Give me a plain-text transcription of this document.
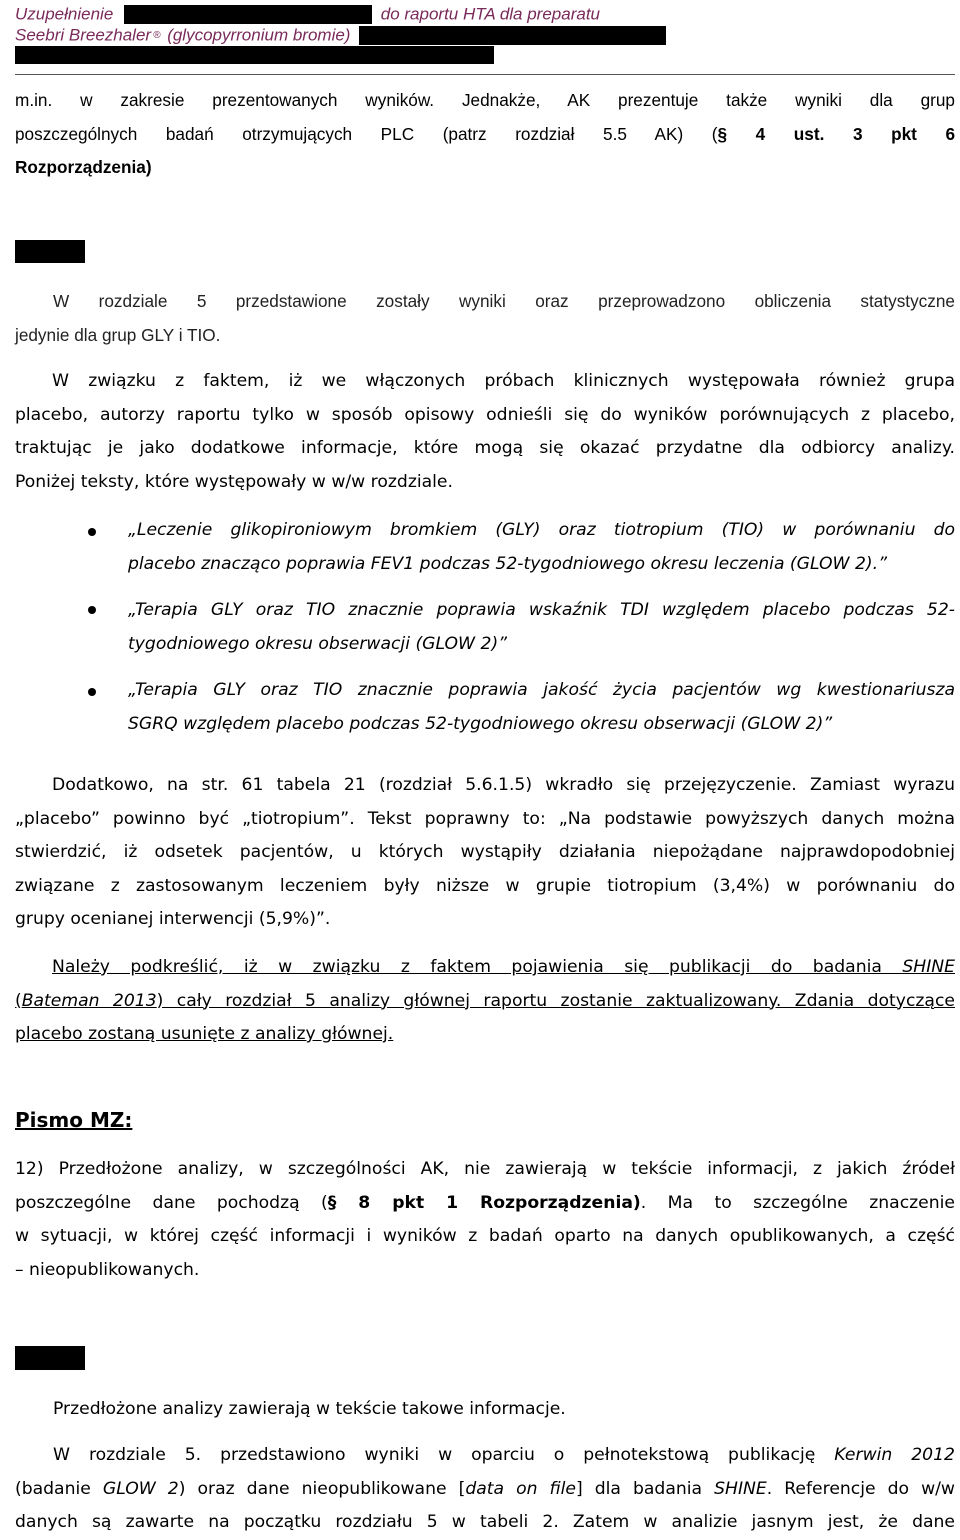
Uzupełnienie	do raportu HTA dla preparatu
Seebri Breezhaler ® (glycopyrronium bromie)
m.in. w zakresie prezentowanych wyników. Jednakże, AK prezentuje także wyniki dla grup
poszczególnych badań otrzymujących PLC (patrz rozdział 5.5 AK) (§ 4 ust. 3 pkt 6
Rozporządzenia)
W rozdziale 5 przedstawione zostały wyniki oraz przeprowadzono obliczenia statystyczne
jedynie dla grup GLY i TIO.
W związku z faktem, iż we włączonych próbach klinicznych występowała również grupa
placebo, autorzy raportu tylko w sposób opisowy odnieśli się do wyników porównujących z placebo,
traktując je jako dodatkowe informacje, które mogą się okazać przydatne dla odbiorcy analizy.
Poniżej teksty, które występowały w w/w rozdziale.
„Leczenie glikopironiowym bromkiem (GLY) oraz tiotropium (TIO) w porównaniu do
placebo znacząco poprawia FEV1 podczas 52-tygodniowego okresu leczenia (GLOW 2).”
„Terapia GLY oraz TIO znacznie poprawia wskaźnik TDI względem placebo podczas 52-
tygodniowego okresu obserwacji (GLOW 2)”
„Terapia GLY oraz TIO znacznie poprawia jakość życia pacjentów wg kwestionariusza
SGRQ względem placebo podczas 52-tygodniowego okresu obserwacji (GLOW 2)”
Dodatkowo, na str. 61 tabela 21 (rozdział 5.6.1.5) wkradło się przejęzyczenie. Zamiast wyrazu
„placebo” powinno być „tiotropium”. Tekst poprawny to: „Na podstawie powyższych danych można
stwierdzić, iż odsetek pacjentów, u których wystąpiły działania niepożądane najprawdopodobniej
związane z zastosowanym leczeniem były niższe w grupie tiotropium (3,4%) w porównaniu do
grupy ocenianej interwencji (5,9%)”.
Należy podkreślić, iż w związku z faktem pojawienia się publikacji do badania SHINE
(Bateman 2013) cały rozdział 5 analizy głównej raportu zostanie zaktualizowany. Zdania dotyczące
placebo zostaną usunięte z analizy głównej.
Pismo MZ:
12) Przedłożone analizy, w szczególności AK, nie zawierają w tekście informacji, z jakich źródeł
poszczególne dane pochodzą (§ 8 pkt 1 Rozporządzenia). Ma to szczególne znaczenie
w sytuacji, w której część informacji i wyników z badań oparto na danych opublikowanych, a część
– nieopublikowanych.
Przedłożone analizy zawierają w tekście takowe informacje.
W rozdziale 5. przedstawiono wyniki w oparciu o pełnotekstową publikację Kerwin 2012
(badanie GLOW 2) oraz dane nieopublikowane [data on file] dla badania SHINE. Referencje do w/w
danych są zawarte na początku rozdziału 5 w tabeli 2. Zatem w analizie jasnym jest, że dane
